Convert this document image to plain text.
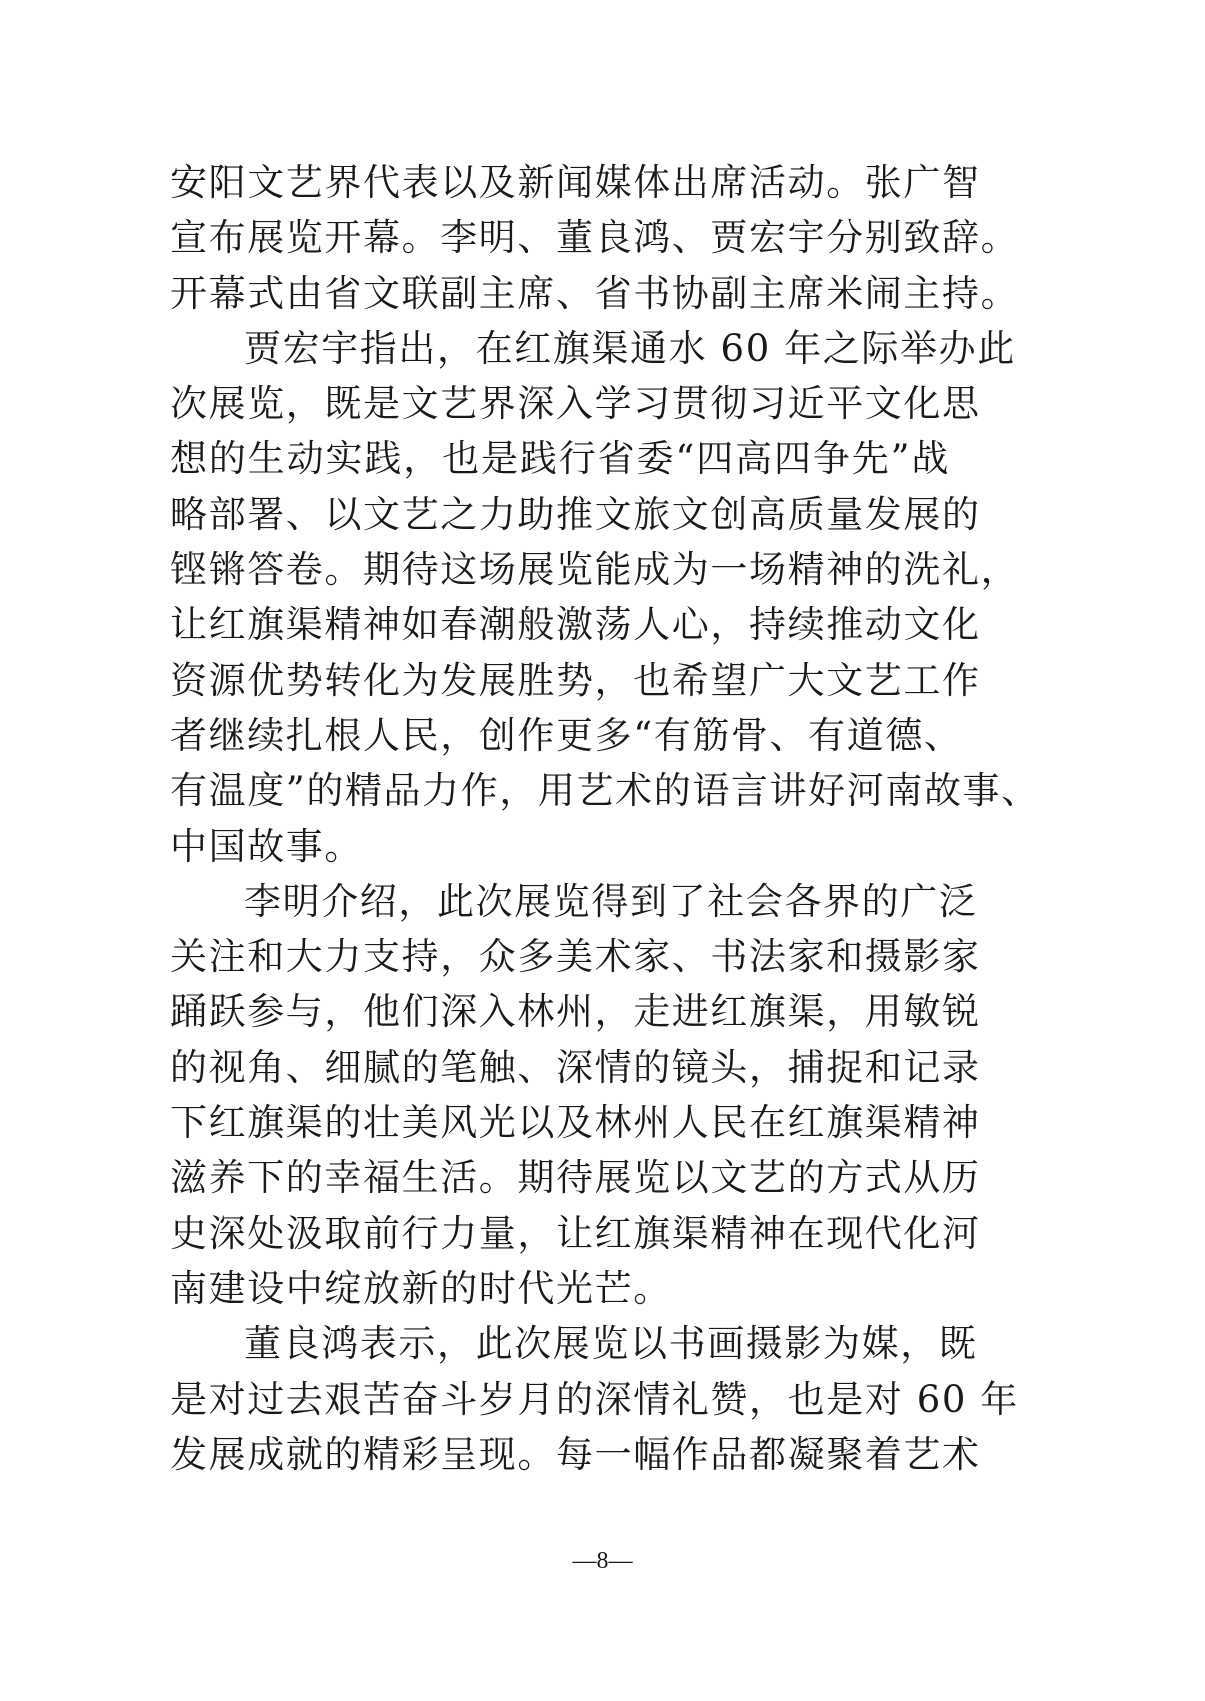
安阳文艺界代表以及新闻媒体出席活动。张广智
宣布展览开幕。李明、董良鸿、贾宏宇分别致辞。
开幕式由省文联副主席、省书协副主席米闹主持。
贾宏宇指出，在红旗渠通水 60 年之际举办此
次展览，既是文艺界深入学习贯彻习近平文化思
想的生动实践，也是践行省委“四高四争先”战
略部署、以文艺之力助推文旅文创高质量发展的
铿锵答卷。期待这场展览能成为一场精神的洗礼，
让红旗渠精神如春潮般激荡人心，持续推动文化
资源优势转化为发展胜势，也希望广大文艺工作
者继续扎根人民，创作更多“有筋骨、有道德、
有温度”的精品力作，用艺术的语言讲好河南故事、
中国故事。
李明介绍，此次展览得到了社会各界的广泛
关注和大力支持，众多美术家、书法家和摄影家
踊跃参与，他们深入林州，走进红旗渠，用敏锐
的视角、细腻的笔触、深情的镜头，捕捉和记录
下红旗渠的壮美风光以及林州人民在红旗渠精神
滋养下的幸福生活。期待展览以文艺的方式从历
史深处汲取前行力量，让红旗渠精神在现代化河
南建设中绽放新的时代光芒。
董良鸿表示，此次展览以书画摄影为媒，既
是对过去艰苦奋斗岁月的深情礼赞，也是对 60 年
发展成就的精彩呈现。每一幅作品都凝聚着艺术
—8—
